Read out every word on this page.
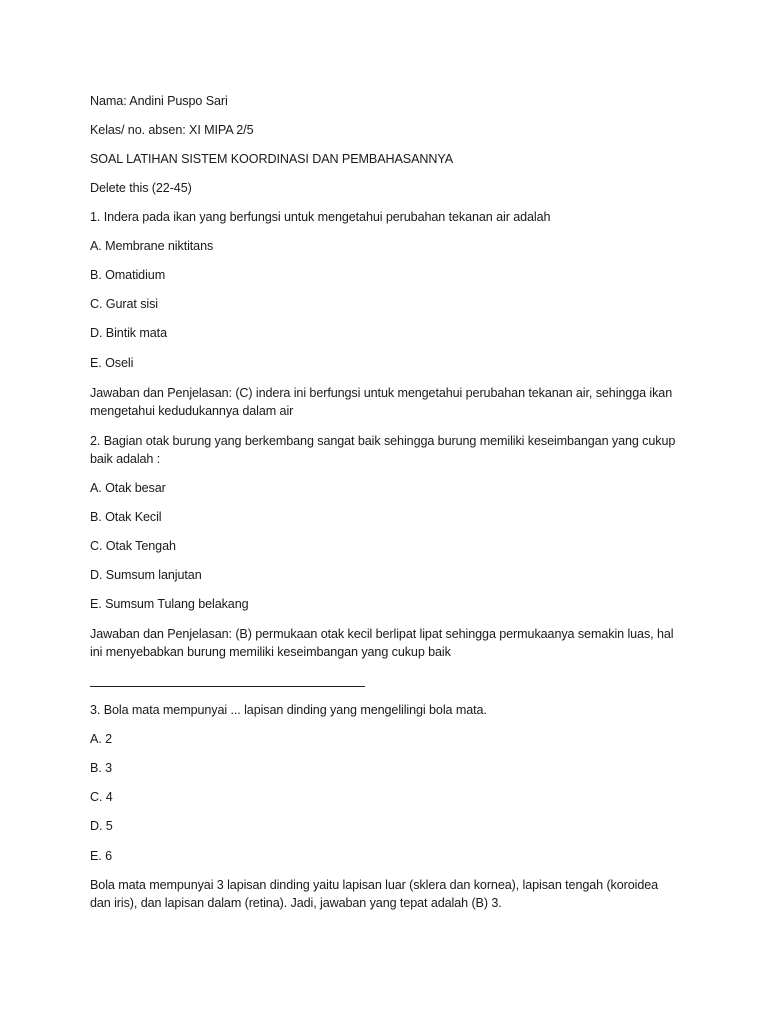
Nama: Andini Puspo Sari
Kelas/ no. absen: XI MIPA 2/5
SOAL LATIHAN SISTEM KOORDINASI DAN PEMBAHASANNYA
Delete this (22-45)
1. Indera pada ikan yang berfungsi untuk mengetahui perubahan tekanan air adalah
A. Membrane niktitans
B. Omatidium
C. Gurat sisi
D. Bintik mata
E. Oseli
Jawaban dan Penjelasan: (C) indera ini berfungsi untuk mengetahui perubahan tekanan air, sehingga ikan mengetahui kedudukannya dalam air
2. Bagian otak burung yang berkembang sangat baik sehingga burung memiliki keseimbangan yang cukup baik adalah :
A. Otak besar
B. Otak Kecil
C. Otak Tengah
D. Sumsum lanjutan
E. Sumsum Tulang belakang
Jawaban dan Penjelasan: (B) permukaan otak kecil berlipat lipat sehingga permukaanya semakin luas, hal ini menyebabkan burung memiliki keseimbangan yang cukup baik
3. Bola mata mempunyai ... lapisan dinding yang mengelilingi bola mata.
A. 2
B. 3
C. 4
D. 5
E. 6
Bola mata mempunyai 3 lapisan dinding yaitu lapisan luar (sklera dan kornea), lapisan tengah (koroidea dan iris), dan lapisan dalam (retina). Jadi, jawaban yang tepat adalah (B) 3.
